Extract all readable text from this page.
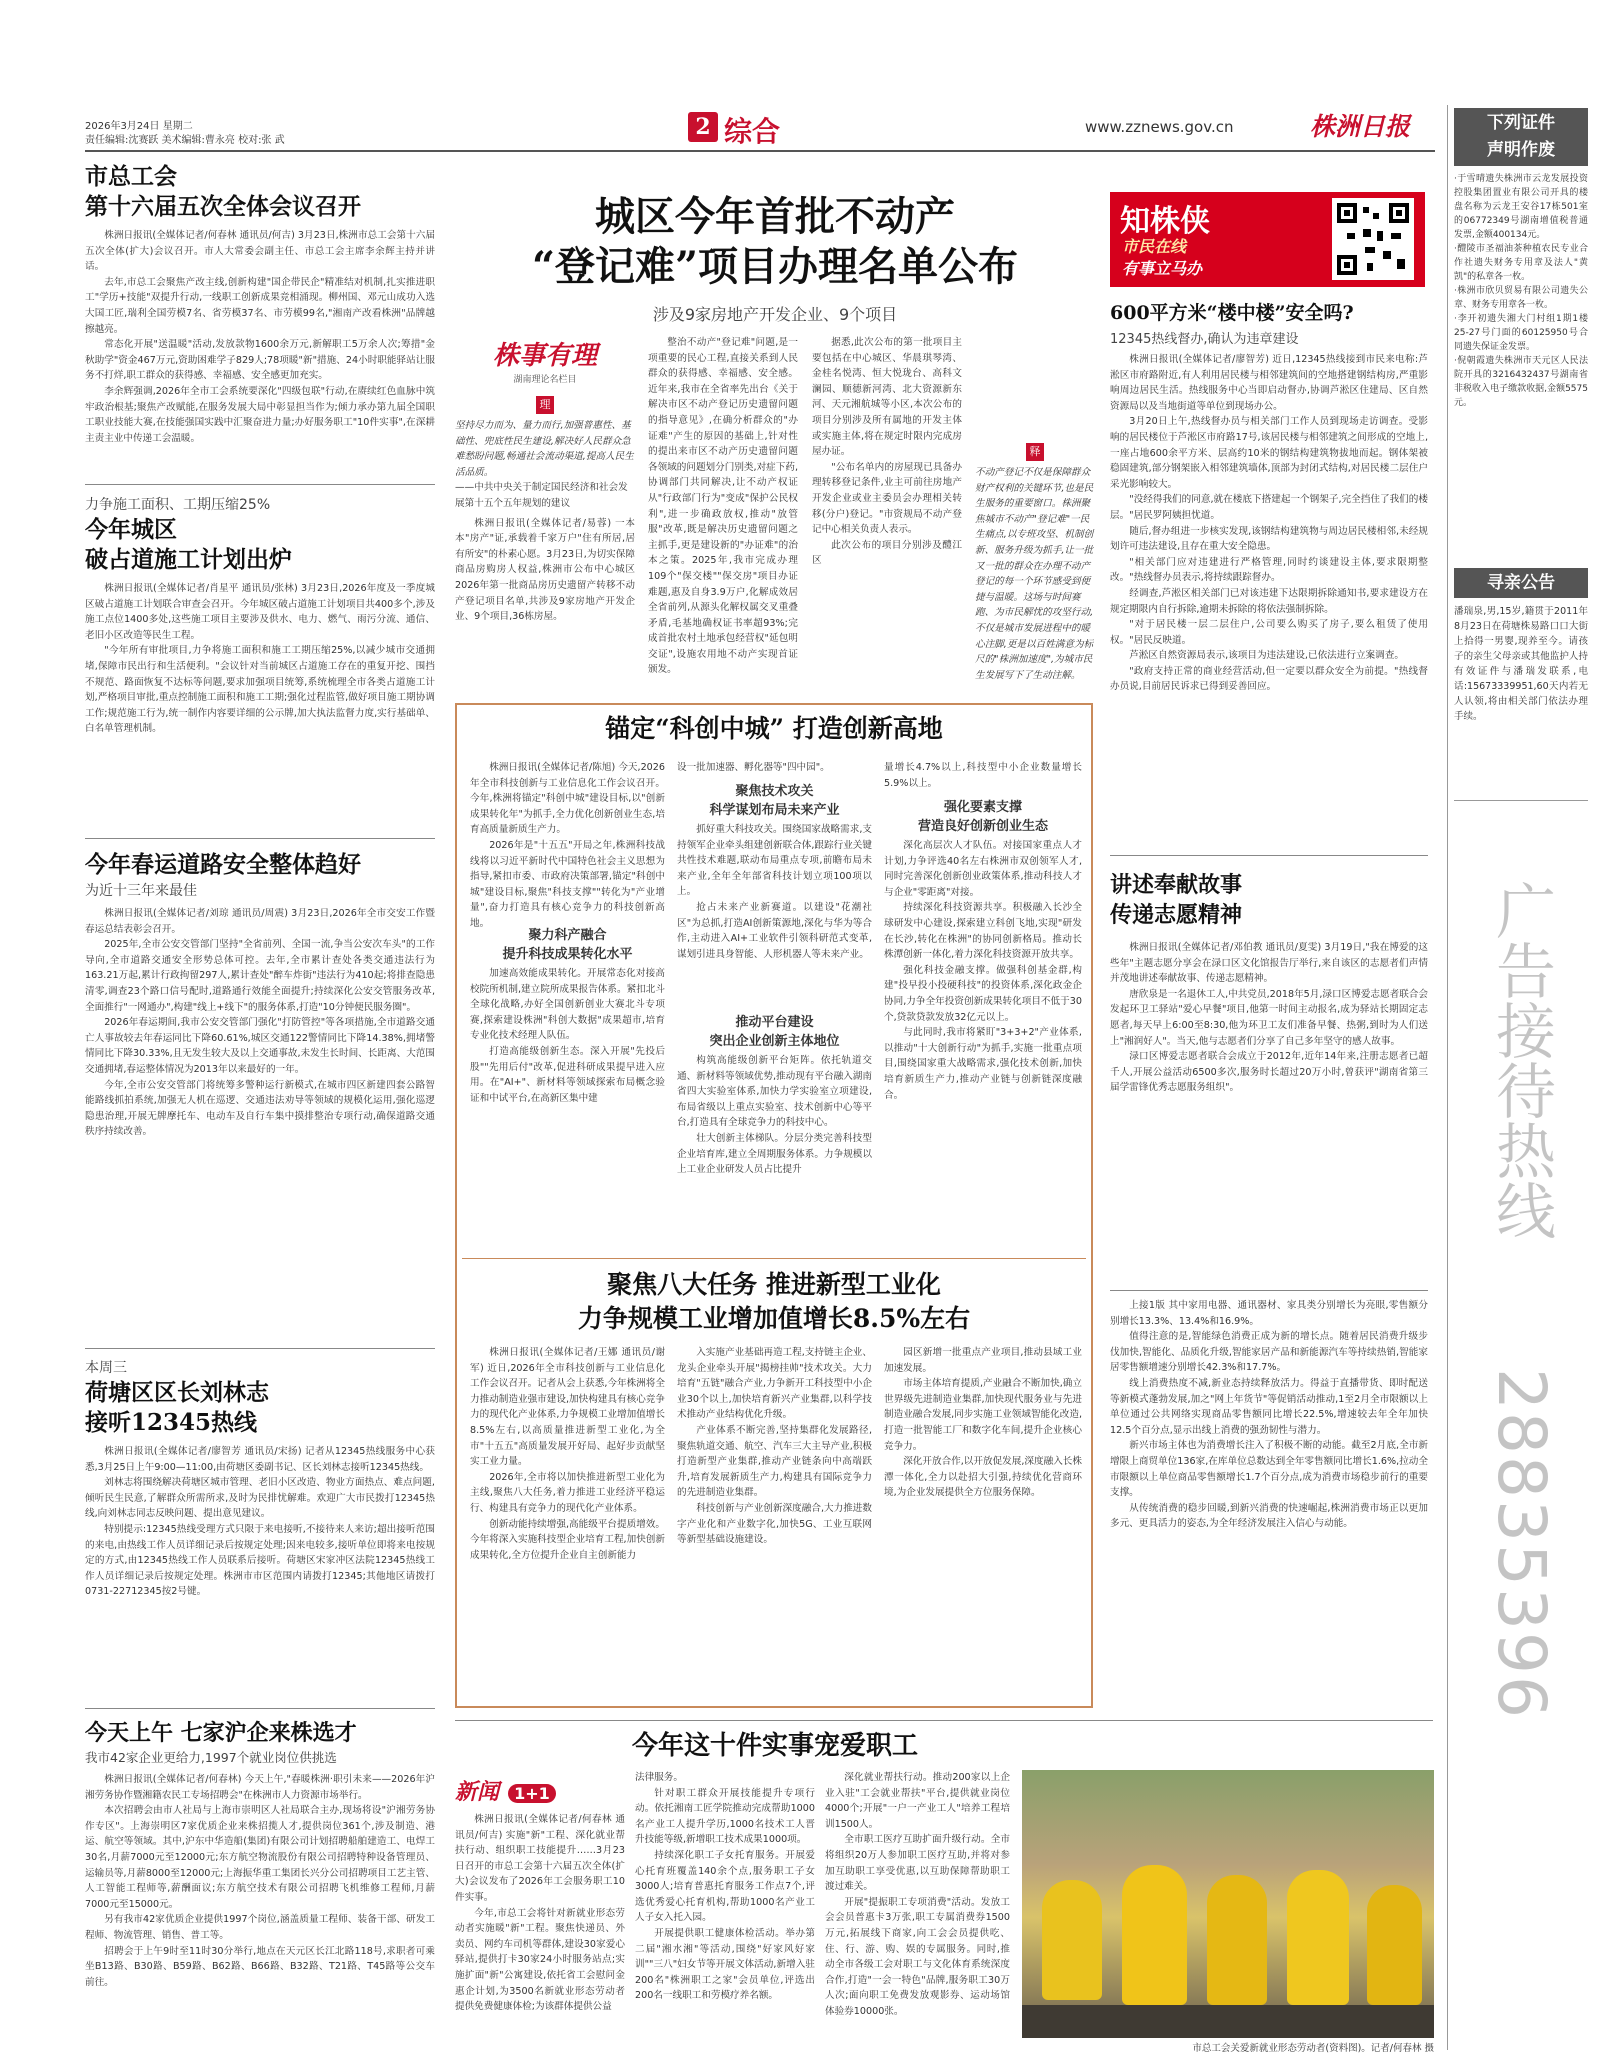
2026年3月24日 星期二
责任编辑:沈赛跃 美术编辑:曹永亮 校对:张 武
2 综合	www.zznews.gov.cn	株洲日报
市总工会
第十六届五次全体会议召开

株洲日报讯(全媒体记者/何春林 通讯员/何吉) 3月23日,株洲市总工会第十六届五次全体(扩大)会议召开。市人大常委会副主任、市总工会主席李余辉主持并讲话。

去年,市总工会聚焦产改主线,创新构建"国企带民企"精准结对机制,扎实推进职工"学历+技能"双提升行动,一线职工创新成果竞相涌现。柳州国、邓元山成功入选大国工匠,瑞利全国劳模7名、省劳模37名、市劳模99名,"湘南产改看株洲"品牌越擦越亮。

常态化开展"送温暖"活动,发放款物1600余万元,新解职工5万余人次;筹措"金秋助学"资金467万元,资助困难学子829人;78项暖"新"措施、24小时职能驿站让服务不打烊,职工群众的获得感、幸福感、安全感更加充实。

李余辉强调,2026年全市工会系统要深化"四级包联"行动,在赓续红色血脉中筑牢政治根基;聚焦产改赋能,在服务发展大局中彰显担当作为;倾力承办第九届全国职工职业技能大赛,在技能强国实践中汇聚奋进力量;办好服务职工"10件实事",在深耕主责主业中传递工会温暖。

力争施工面积、工期压缩25%
今年城区
破占道施工计划出炉

株洲日报讯(全媒体记者/肖星平 通讯员/张林) 3月23日,2026年度及一季度城区破占道施工计划联合审查会召开。今年城区破占道施工计划项目共400多个,涉及施工点位1400多处,这些施工项目主要涉及供水、电力、燃气、雨污分流、通信、老旧小区改造等民生工程。

"今年所有审批项目,力争将施工面积和施工工期压缩25%,以减少城市交通拥堵,保障市民出行和生活便利。"会议针对当前城区占道施工存在的重复开挖、围挡不规范、路面恢复不达标等问题,要求加强项目统筹,系统梳理全市各类占道施工计划,严格项目审批,重点控制施工面积和施工工期;强化过程监管,做好项目施工期协调工作;规范施工行为,统一制作内容要详细的公示牌,加大执法监督力度,实行基础单、白名单管理机制。

今年春运道路安全整体趋好
为近十三年来最佳

株洲日报讯(全媒体记者/刘琼 通讯员/周震) 3月23日,2026年全市交安工作暨春运总结表彰会召开。

2025年,全市公安交管部门坚持"全省前列、全国一流,争当公安次车头"的工作导向,全市道路交通安全形势总体可控。去年,全市累计查处各类交通违法行为163.21万起,累计行政拘留297人,累计查处"醉车炸街"违法行为410起;将排查隐患清零,调查23个路口信号配时,道路通行效能全面提升;持续深化公安交管服务改革,全面推行"一网通办",构建"线上+线下"的服务体系,打造"10分钟便民服务圈"。

2026年春运期间,我市公安交管部门强化"打防管控"等各项措施,全市道路交通亡人事故较去年春运同比下降60.61%,城区交通122警情同比下降14.38%,拥堵警情同比下降30.33%,且无发生较大及以上交通事故,未发生长时间、长距离、大范围交通拥堵,春运整体情况为2013年以来最好的一年。

今年,全市公安交管部门将统筹多警种运行新模式,在城市四区新建四套公路智能路线抓拍系统,加强无人机在巡逻、交通违法劝导等领域的规模化运用,强化巡逻隐患治理,开展无牌摩托车、电动车及自行车集中摸排整治专项行动,确保道路交通秩序持续改善。

本周三
荷塘区区长刘林志
接听12345热线

株洲日报讯(全媒体记者/廖智芳 通讯员/宋扬) 记者从12345热线服务中心获悉,3月25日上午9:00—11:00,由荷塘区委副书记、区长刘林志接听12345热线。

刘林志将围绕解决荷塘区城市管理、老旧小区改造、物业方面热点、难点问题,倾听民生民意,了解群众所需所求,及时为民排忧解难。欢迎广大市民拨打12345热线,向刘林志同志反映问题、提出意见建议。

特别提示:12345热线受理方式只限于来电接听,不接待来人来访;超出接听范围的来电,由热线工作人员详细记录后按规定处理;因来电较多,接听单位即将来电按规定的方式,由12345热线工作人员联系后接听。荷塘区宋家冲区法院12345热线工作人员详细记录后按规定处理。株洲市市区范围内请拨打12345;其他地区请拨打0731-22712345按2号键。

今天上午 七家沪企来株选才
我市42家企业更给力,1997个就业岗位供挑选

株洲日报讯(全媒体记者/何春林) 今天上午,"春暖株洲·职引未来——2026年沪湘劳务协作暨湘籍农民工专场招聘会"在株洲市人力资源市场举行。

本次招聘会由市人社局与上海市崇明区人社局联合主办,现场将设"沪湘劳务协作专区"。上海崇明区7家优质企业来株招揽人才,提供岗位361个,涉及制造、港运、航空等领域。其中,沪东中华造船(集团)有限公司计划招聘船舶建造工、电焊工30名,月薪7000元至12000元;东方航空物流股份有限公司招聘特种设备管理员、运输员等,月薪8000至12000元;上海振华重工集团长兴分公司招聘项目工艺主管、人工智能工程师等,薪酬面议;东方航空技术有限公司招聘飞机维修工程师,月薪7000元至15000元。

另有我市42家优质企业提供1997个岗位,涵盖质量工程师、装备干部、研发工程师、物流管理、销售、普工等。

招聘会于上午9时至11时30分举行,地点在天元区长江北路118号,求职者可乘坐B13路、B30路、B59路、B62路、B66路、B32路、T21路、T45路等公交车前往。

城区今年首批不动产
“登记难”项目办理名单公布
涉及9家房地产开发企业、9个项目
株事有理
湖南理论名栏目
理
坚持尽力而为、量力而行,加强普惠性、基础性、兜底性民生建设,解决好人民群众急难愁盼问题,畅通社会流动渠道,提高人民生活品质。
——中共中央关于制定国民经济和社会发展第十五个五年规划的建议

株洲日报讯(全媒体记者/易蓉) 一本本"房产"证,承载着千家万户"住有所居,居有所安"的朴素心愿。3月23日,为切实保障商品房购房人权益,株洲市公布中心城区2026年第一批商品房历史遗留产转移不动产登记项目名单,共涉及9家房地产开发企业、9个项目,36栋房屋。

整治不动产"登记难"问题,是一项重要的民心工程,直接关系到人民群众的获得感、幸福感、安全感。近年来,我市在全省率先出台《关于解决市区不动产登记历史遗留问题的指导意见》,在确分析群众的"办证难"产生的原因的基础上,针对性的提出来市区不动产历史遗留问题各领域的问题划分门别类,对症下药,协调部门共同解决,让不动产权证从"行政部门行为"变成"保护公民权利",进一步确政放权,推动"放管服"改革,既是解决历史遗留问题之主抓手,更是建设新的"办证难"的治本之策。2025年,我市完成办理109个"保交楼""保交房"项目办证难题,惠及自身3.9万户,化解成效居全省前列,从源头化解权属交叉重叠矛盾,毛基地确权证书率超93%;完成首批农村土地承包经营权"延包明交证",设施农用地不动产实现首证颁发。

据悉,此次公布的第一批项目主要包括在中心城区、华晨琪琴湾、金桂名悦湾、恒大悦珑台、高科文澜园、顺德新河湾、北大资源新东河、天元湘航城等小区,本次公布的项目分别涉及所有属地的开发主体或实施主体,将在规定时限内完成房屋办证。

"公布名单内的房屋现已具备办理转移登记条件,业主可前往房地产开发企业或业主委员会办理相关转移(分户)登记。"市资规局不动产登记中心相关负责人表示。

此次公布的项目分别涉及醴江区

释
不动产登记不仅是保障群众财产权利的关键环节,也是民生服务的重要窗口。株洲聚焦城市不动产"登记难"一民生痛点,以专班攻坚、机制创新、服务升级为抓手,让一批又一批的群众在办理不动产登记的每一个环节感受到便捷与温暖。这场与时间赛跑、为市民解忧的攻坚行动,不仅是城市发展进程中的暖心注脚,更是以百姓满意为标尺的"株洲加速度",为城市民生发展写下了生动注解。
知株侠
市民在线
有事立马办
600平方米“楼中楼”安全吗?
12345热线督办,确认为违章建设

株洲日报讯(全媒体记者/廖智芳) 近日,12345热线接到市民来电称:芦淞区市府路附近,有人利用居民楼与相邻建筑间的空地搭建钢结构房,严重影响周边居民生活。热线服务中心当即启动督办,协调芦淞区住建局、区自然资源局以及当地街道等单位到现场办公。

3月20日上午,热线督办员与相关部门工作人员到现场走访调查。受影响的居民楼位于芦淞区市府路17号,该居民楼与相邻建筑之间形成的空地上,一座占地600余平方米、层高约10米的钢结构建筑物拔地而起。钢体架被稳固建筑,部分钢架嵌入相邻建筑墙体,顶部为封闭式结构,对居民楼二层住户采光影响较大。

"没经得我们的同意,就在楼底下搭建起一个钢架子,完全挡住了我们的楼层。"居民罗阿姨担忧道。

随后,督办组进一步核实发现,该钢结构建筑物与周边居民楼相邻,未经规划许可违法建设,且存在重大安全隐患。

"相关部门应对违建进行严格管理,同时约谈建设主体,要求限期整改。"热线督办员表示,将持续跟踪督办。

经调查,芦淞区相关部门已对该违建下达限期拆除通知书,要求建设方在规定期限内自行拆除,逾期未拆除的将依法强制拆除。

"对于居民楼一层二层住户,公司要么购买了房子,要么租赁了使用权。"居民反映道。

芦淞区自然资源局表示,该项目为违法建设,已依法进行立案调查。

"政府支持正常的商业经营活动,但一定要以群众安全为前提。"热线督办员说,目前居民诉求已得到妥善回应。

讲述奉献故事
传递志愿精神

株洲日报讯(全媒体记者/邓伯教 通讯员/夏雯) 3月19日,"我在博爱的这些年"主题志愿分享会在渌口区文化馆报告厅举行,来自该区的志愿者们声情并茂地讲述奉献故事、传递志愿精神。

唐欣泉是一名退休工人,中共党员,2018年5月,渌口区博爱志愿者联合会发起环卫工驿站"爱心早餐"项目,他第一时间主动报名,成为驿站长期固定志愿者,每天早上6:00至8:30,他为环卫工友们准备早餐、热粥,到时为人们送上"湘润好人"。当天,他与志愿者们分享了自己多年坚守的感人故事。

渌口区博爱志愿者联合会成立于2012年,近年14年来,注册志愿者已超千人,开展公益活动6500多次,服务时长超过20万小时,曾获评"湖南省第三届学雷锋优秀志愿服务组织"。

上接1版 其中家用电器、通讯器材、家具类分别增长为亮眼,零售额分别增长13.3%、13.4%和16.9%。

值得注意的是,智能绿色消费正成为新的增长点。随着居民消费升级步伐加快,智能化、品质化升级,智能家居产品和新能源汽车等持续热销,智能家居零售额增速分别增长42.3%和17.7%。

线上消费热度不减,新业态持续释放活力。得益于直播带货、即时配送等新模式蓬勃发展,加之"网上年货节"等促销活动推动,1至2月全市限额以上单位通过公共网络实现商品零售额同比增长22.5%,增速较去年全年加快12.5个百分点,显示出线上消费的强劲韧性与潜力。

新兴市场主体也为消费增长注入了积极不断的动能。截至2月底,全市新增限上商贸单位136家,在库单位总数达到全年零售额同比增长1.6%,拉动全市限额以上单位商品零售额增长1.7个百分点,成为消费市场稳步前行的重要支撑。

从传统消费的稳步回暖,到新兴消费的快速崛起,株洲消费市场正以更加多元、更具活力的姿态,为全年经济发展注入信心与动能。

锚定“科创中城” 打造创新高地

株洲日报讯(全媒体记者/陈旭) 今天,2026年全市科技创新与工业信息化工作会议召开。今年,株洲将锚定"科创中城"建设目标,以"创新成果转化年"为抓手,全力优化创新创业生态,培育高质量新质生产力。

2026年是"十五五"开局之年,株洲科技战线将以习近平新时代中国特色社会主义思想为指导,紧扣市委、市政府决策部署,锚定"科创中城"建设目标,聚焦"科技支撑""转化为"产业增量",奋力打造具有核心竞争力的科技创新高地。

聚力科产融合
提升科技成果转化水平

加速高效能成果转化。开展常态化对接高校院所机制,建立院所成果报告体系。紧扣北斗全球化战略,办好全国创新创业大赛北斗专项赛,探索建设株洲"科创大数据"成果超市,培育专业化技术经理人队伍。

打造高能级创新生态。深入开展"先投后股""先用后付"改革,促进科研成果提早进入应用。在"AI+"、新材料等领域探索布局概念验证和中试平台,在高新区集中建

设一批加速器、孵化器等"四中园"。

聚焦技术攻关
科学谋划布局未来产业

抓好重大科技攻关。围绕国家战略需求,支持领军企业牵头组建创新联合体,跟踪行业关键共性技术难题,联动布局重点专项,前瞻布局未来产业,全年全年部省科技计划立项100项以上。

抢占未来产业新赛道。以建设"花潮社区"为总抓,打造AI创新策源地,深化与华为等合作,主动进入AI+工业软件引领科研范式变革,谋划引进具身智能、人形机器人等未来产业。

推动平台建设
突出企业创新主体地位

构筑高能级创新平台矩阵。依托轨道交通、新材料等领域优势,推动现有平台融入湖南省四大实验室体系,加快力学实验室立项建设,布局省级以上重点实验室、技术创新中心等平台,打造具有全球竞争力的科技中心。

壮大创新主体梯队。分层分类完善科技型企业培育库,建立全周期服务体系。力争规模以上工业企业研发人员占比提升

量增长4.7%以上,科技型中小企业数量增长5.9%以上。

强化要素支撑
营造良好创新创业生态

深化高层次人才队伍。对接国家重点人才计划,力争评选40名左右株洲市双创领军人才,同时完善深化创新创业政策体系,推动科技人才与企业"零距离"对接。

持续深化科技资源共享。积极融入长沙全球研发中心建设,探索建立科创飞地,实现"研发在长沙,转化在株洲"的协同创新格局。推动长株潭创新一体化,着力深化科技资源开放共享。

强化科技金融支撑。做强科创基金群,构建"投早投小投硬科技"的投资体系,深化政金企协同,力争全年投资创新成果转化项目不低于30个,贷款贷款发放32亿元以上。

与此同时,我市将紧盯"3+3+2"产业体系,以推动"十大创新行动"为抓手,实施一批重点项目,围绕国家重大战略需求,强化技术创新,加快培育新质生产力,推动产业链与创新链深度融合。

聚焦八大任务 推进新型工业化
力争规模工业增加值增长8.5%左右

株洲日报讯(全媒体记者/王娜 通讯员/谢军) 近日,2026年全市科技创新与工业信息化工作会议召开。记者从会上获悉,今年株洲将全力推动制造业强市建设,加快构建具有核心竞争力的现代化产业体系,力争规模工业增加值增长8.5%左右,以高质量推进新型工业化,为全市"十五五"高质量发展开好局、起好步贡献坚实工业力量。

2026年,全市将以加快推进新型工业化为主线,聚焦八大任务,着力推进工业经济平稳运行、构建具有竞争力的现代化产业体系。

创新动能持续增强,高能级平台提质增效。今年将深入实施科技型企业培育工程,加快创新成果转化,全方位提升企业自主创新能力

入实施产业基础再造工程,支持链主企业、龙头企业牵头开展"揭榜挂帅"技术攻关。大力培育"五链"融合产业,力争新开工科技型中小企业30个以上,加快培育新兴产业集群,以科学技术推动产业结构优化升级。

产业体系不断完善,坚持集群化发展路径,聚焦轨道交通、航空、汽车三大主导产业,积极打造新型产业集群,推动产业链条向中高端跃升,培育发展新质生产力,构建具有国际竞争力的先进制造业集群。

科技创新与产业创新深度融合,大力推进数字产业化和产业数字化,加快5G、工业互联网等新型基础设施建设。

园区新增一批重点产业项目,推动县域工业加速发展。

市场主体培育提质,产业融合不断加快,确立世界级先进制造业集群,加快现代服务业与先进制造业融合发展,同步实施工业领域智能化改造,打造一批智能工厂和数字化车间,提升企业核心竞争力。

深化开放合作,以开放促发展,深度融入长株潭一体化,全力以赴招大引强,持续优化营商环境,为企业发展提供全方位服务保障。

今年这十件实事宠爱职工
新闻 1+1

株洲日报讯(全媒体记者/何春林 通讯员/何吉) 实施"新"工程、深化就业帮扶行动、组织职工技能提升……3月23日召开的市总工会第十六届五次全体(扩大)会议发布了2026年工会服务职工10件实事。

今年,市总工会将针对新就业形态劳动者实施暖"新"工程。聚焦快递员、外卖员、网约车司机等群体,建设30家爱心驿站,提供打卡30家24小时服务站点;实施扩面"新"公寓建设,依托省工会慰问金惠企计划,为3500名新就业形态劳动者提供免费健康体检;为该群体提供公益

法律服务。

针对职工群众开展技能提升专项行动。依托湘南工匠学院推动完成帮助1000名产业工人提升学历,1000名技术工人晋升技能等级,新增职工技术成果1000项。

持续深化职工子女托育服务。开展爱心托育班覆盖140余个点,服务职工子女3000人;培育普惠托育服务工作点7个,评选优秀爱心托育机构,帮助1000名产业工人子女入托入园。

开展提供职工健康体检活动。举办第二届"湘水湘"等活动,围绕"好家风好家训""三八"妇女节等开展文体活动,新增入驻200名"株洲职工之家"会员单位,评选出200名一线职工和劳模疗养名额。

深化就业帮扶行动。推动200家以上企业入驻"工会就业帮扶"平台,提供就业岗位4000个;开展"一户一产业工人"培养工程培训1500人。

全市职工医疗互助扩面升级行动。全市将组织20万人参加职工医疗互助,并将对参加互助职工享受优惠,以互助保障帮助职工渡过难关。

开展"提振职工专项消费"活动。发放工会会员普惠卡3万张,职工专属消费券1500万元,拓展线下商家,向工会会员提供吃、住、行、游、购、娱的专属服务。同时,推动全市各级工会对职工与文化体育系统深度合作,打造"一会一特色"品牌,服务职工30万人次;面向职工免费发放观影券、运动场馆体验券10000张。

市总工会关爱新就业形态劳动者(资料图)。记者/何春林 摄
下列证件
声明作废
·于雪晴遗失株洲市云龙发展投资控股集团置业有限公司开具的楼盘名称为云龙王安谷17栋501室的06772349号湖南增值税普通发票,金额400134元。
·醴陵市圣福油茶种植农民专业合作社遗失财务专用章及法人"黄凯"的私章各一枚。
·株洲市欣贝贸易有限公司遗失公章、财务专用章各一枚。
·李开初遗失湘大门村组1期1楼25-27号门面的60125950号合同遗失保证金发票。
·倪朝霞遗失株洲市天元区人民法院开具的3216432437号湖南省非税收入电子缴款收据,金额5575元。
寻亲公告
潘瑞泉,男,15岁,籍贯于2011年8月23日在荷塘株易路口口大街上拾得一男婴,现养至今。请孩子的亲生父母亲或其他监护人持有效证件与潘瑞发联系,电话:15673339951,60天内若无人认领,将由相关部门依法办理手续。
广告接待热线
28835396
